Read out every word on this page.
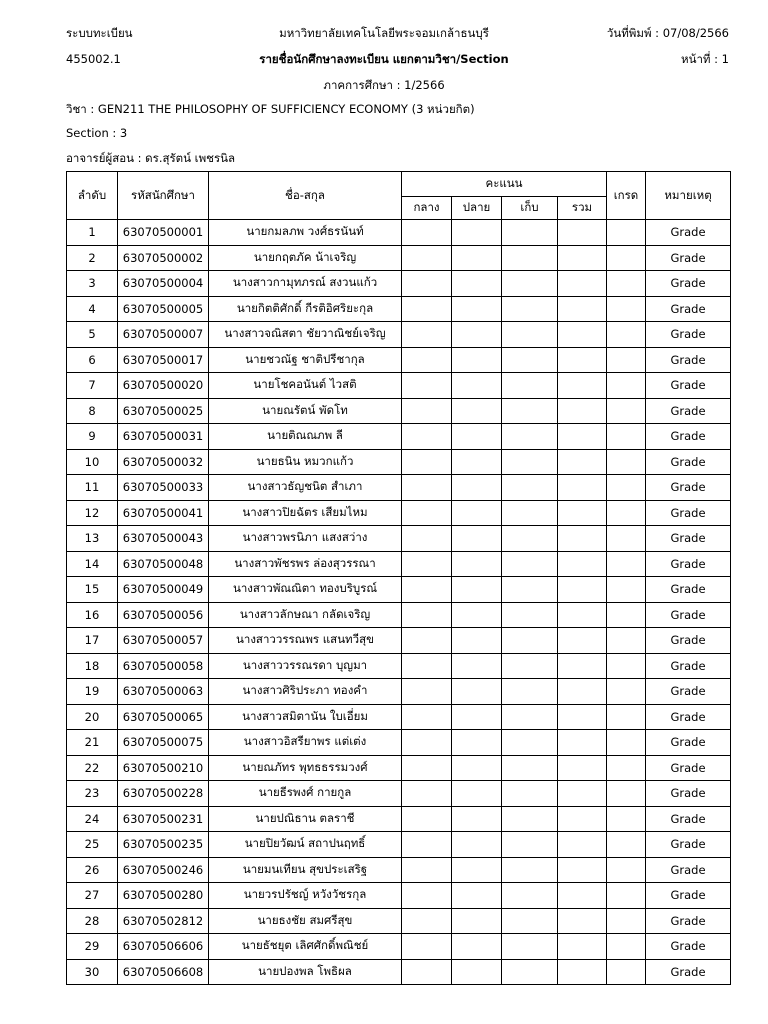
ระบบทะเบียน	มหาวิทยาลัยเทคโนโลยีพระจอมเกล้าธนบุรี	วันที่พิมพ์ : 07/08/2566
455002.1	รายชื่อนักศึกษาลงทะเบียน แยกตามวิชา/Section	หน้าที่ : 1
ภาคการศึกษา : 1/2566
วิชา : GEN211 THE PHILOSOPHY OF SUFFICIENCY ECONOMY (3 หน่วยกิต)
Section : 3
อาจารย์ผู้สอน : ดร.สุรัตน์ เพชรนิล
ลำดับ	รหัสนักศึกษา	ชื่อ-สกุล	คะแนน				เกรด	หมายเหตุ
			กลาง	ปลาย	เก็บ	รวม		
1	63070500001	นายกมลภพ วงศ์ธรนันท์						Grade
2	63070500002	นายกฤตภัค น้าเจริญ						Grade
3	63070500004	นางสาวกามุทภรณ์ สงวนแก้ว						Grade
4	63070500005	นายกิตติศักดิ์ กีรติอิศริยะกุล						Grade
5	63070500007	นางสาวจณิสตา ชัยวาณิชย์เจริญ						Grade
6	63070500017	นายชวณัฐ ชาติปรีชากุล						Grade
7	63070500020	นายโชคอนันต์ ไวสติ						Grade
8	63070500025	นายณรัตน์ พัดโท						Grade
9	63070500031	นายติณณภพ ลี						Grade
10	63070500032	นายธนิน หมวกแก้ว						Grade
11	63070500033	นางสาวธัญชนิต สำเภา						Grade
12	63070500041	นางสาวปิยฉัตร เสียมไหม						Grade
13	63070500043	นางสาวพรนิภา แสงสว่าง						Grade
14	63070500048	นางสาวพัชรพร ล่องสุวรรณา						Grade
15	63070500049	นางสาวพัณณิตา ทองบริบูรณ์						Grade
16	63070500056	นางสาวลักษณา กลัดเจริญ						Grade
17	63070500057	นางสาววรรณพร แสนทวีสุข						Grade
18	63070500058	นางสาววรรณรดา บุญมา						Grade
19	63070500063	นางสาวศิริประภา ทองคำ						Grade
20	63070500065	นางสาวสมิตานัน ใบเอี่ยม						Grade
21	63070500075	นางสาวอิสรียาพร แต่เต่ง						Grade
22	63070500210	นายณภัทร พุทธธรรมวงศ์						Grade
23	63070500228	นายธีรพงศ์ กายกูล						Grade
24	63070500231	นายปณิธาน ตลราชี						Grade
25	63070500235	นายปิยวัฒน์ สถาปนฤทธิ์						Grade
26	63070500246	นายมนเทียน สุขประเสริฐ						Grade
27	63070500280	นายวรปรัชญ์ หวังวัชรกุล						Grade
28	63070502812	นายธงชัย สมศรีสุข						Grade
29	63070506606	นายธัชยุต เลิศศักดิ์พณิชย์						Grade
30	63070506608	นายปองพล โพธิผล						Grade
